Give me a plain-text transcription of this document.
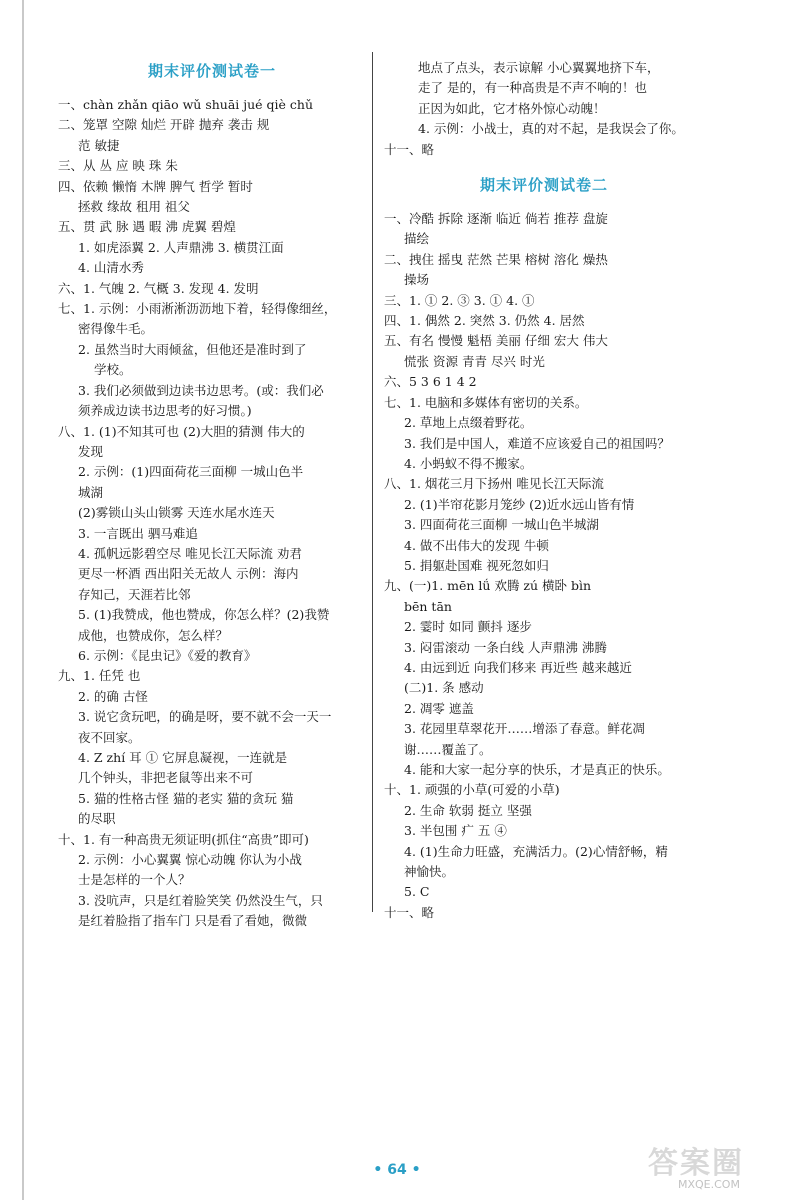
期末评价测试卷一
一、chàn zhǎn qiāo wǔ shuāi jué qiè chǔ
二、笼罩 空隙 灿烂 开辟 抛弃 袭击 规
范 敏捷
三、从 丛 应 映 珠 朱
四、依赖 懒惰 木牌 脾气 哲学 暂时
拯救 缘故 租用 祖父
五、贯 武 脉 遇 暇 沸 虎翼 碧煌
1. 如虎添翼 2. 人声鼎沸 3. 横贯江面
4. 山清水秀
六、1. 气魄 2. 气概 3. 发现 4. 发明
七、1. 示例：小雨淅淅沥沥地下着，轻得像细丝，
密得像牛毛。
2. 虽然当时大雨倾盆，但他还是准时到了
学校。
3. 我们必须做到边读书边思考。(或：我们必
须养成边读书边思考的好习惯。)
八、1. (1)不知其可也 (2)大胆的猜测 伟大的
发现
2. 示例：(1)四面荷花三面柳 一城山色半
城湖
(2)雾锁山头山锁雾 天连水尾水连天
3. 一言既出 驷马难追
4. 孤帆远影碧空尽 唯见长江天际流 劝君
更尽一杯酒 西出阳关无故人 示例：海内
存知己，天涯若比邻
5. (1)我赞成，他也赞成，你怎么样？(2)我赞
成他，也赞成你，怎么样？
6. 示例：《昆虫记》《爱的教育》
九、1. 任凭 也
2. 的确 古怪
3. 说它贪玩吧，的确是呀，要不就不会一天一
夜不回家。
4. Z zhí 耳 ① 它屏息凝视，一连就是
几个钟头，非把老鼠等出来不可
5. 猫的性格古怪 猫的老实 猫的贪玩 猫
的尽职
十、1. 有一种高贵无须证明(抓住“高贵”即可)
2. 示例：小心翼翼 惊心动魄 你认为小战
士是怎样的一个人？
3. 没吭声，只是红着脸笑笑 仍然没生气，只
是红着脸指了指车门 只是看了看她，微微
地点了点头，表示谅解 小心翼翼地挤下车，
走了 是的，有一种高贵是不声不响的！也
正因为如此，它才格外惊心动魄！
4. 示例：小战士，真的对不起，是我误会了你。
十一、略
期末评价测试卷二
一、冷酷 拆除 逐渐 临近 倘若 推荐 盘旋
描绘
二、拽住 摇曳 茫然 芒果 榕树 溶化 燥热
操场
三、1. ① 2. ③ 3. ① 4. ①
四、1. 偶然 2. 突然 3. 仍然 4. 居然
五、有名 慢慢 魁梧 美丽 仔细 宏大 伟大
慌张 资源 青青 尽兴 时光
六、5 3 6 1 4 2
七、1. 电脑和多媒体有密切的关系。
2. 草地上点缀着野花。
3. 我们是中国人，难道不应该爱自己的祖国吗？
4. 小蚂蚁不得不搬家。
八、1. 烟花三月下扬州 唯见长江天际流
2. (1)半帘花影月笼纱 (2)近水远山皆有情
3. 四面荷花三面柳 一城山色半城湖
4. 做不出伟大的发现 牛顿
5. 捐躯赴国难 视死忽如归
九、(一)1. mēn lǘ 欢腾 zú 横卧 bìn
bēn tān
2. 霎时 如同 颤抖 逐步
3. 闷雷滚动 一条白线 人声鼎沸 沸腾
4. 由远到近 向我们移来 再近些 越来越近
(二)1. 条 感动
2. 凋零 遮盖
3. 花园里草翠花开……增添了春意。鲜花凋
谢……覆盖了。
4. 能和大家一起分享的快乐，才是真正的快乐。
十、1. 顽强的小草(可爱的小草)
2. 生命 软弱 挺立 坚强
3. 半包围 疒 五 ④
4. (1)生命力旺盛，充满活力。(2)心情舒畅，精
神愉快。
5. C
十一、略
• 64 •	答案圈
MXQE.COM
